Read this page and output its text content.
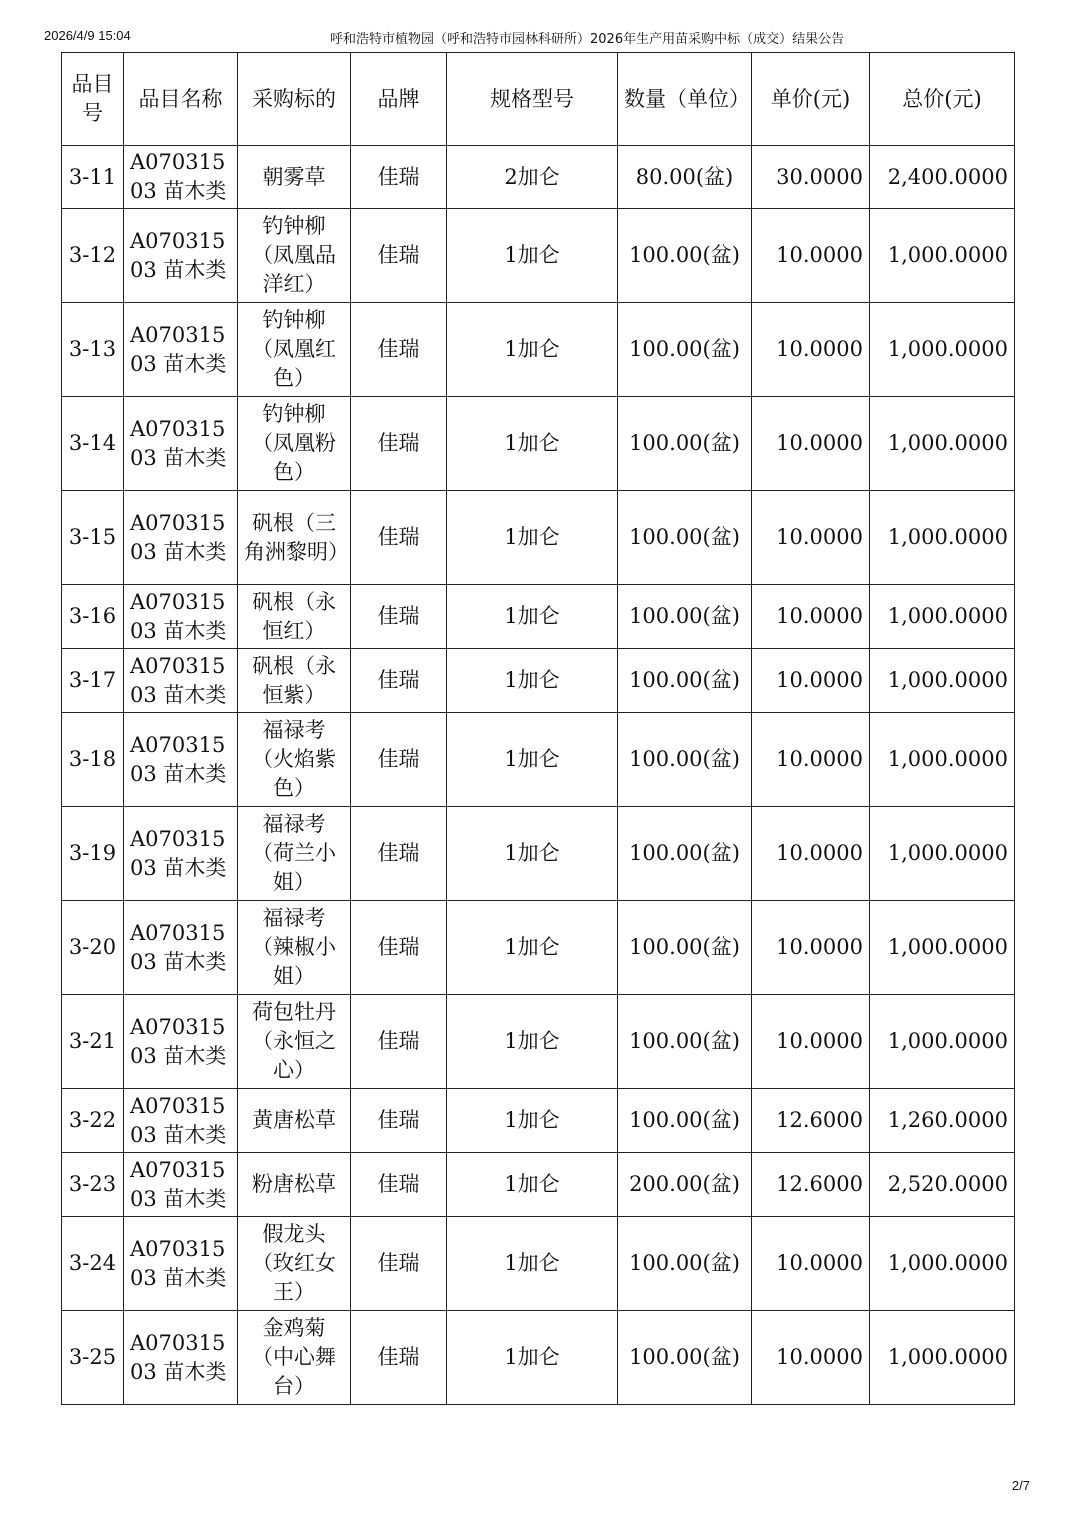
2026/4/9 15:04	呼和浩特市植物园（呼和浩特市园林科研所）2026年生产用苗采购中标（成交）结果公告
品目号	品目名称	采购标的	品牌	规格型号	数量（单位）	单价(元)	总价(元)
3-11	A07031503 苗木类	朝雾草	佳瑞	2加仑	80.00(盆)	30.0000	2,400.0000
3-12	A07031503 苗木类	钓钟柳（凤凰品洋红）	佳瑞	1加仑	100.00(盆)	10.0000	1,000.0000
3-13	A07031503 苗木类	钓钟柳（凤凰红色）	佳瑞	1加仑	100.00(盆)	10.0000	1,000.0000
3-14	A07031503 苗木类	钓钟柳（凤凰粉色）	佳瑞	1加仑	100.00(盆)	10.0000	1,000.0000
3-15	A07031503 苗木类	矾根（三角洲黎明）	佳瑞	1加仑	100.00(盆)	10.0000	1,000.0000
3-16	A07031503 苗木类	矾根（永恒红）	佳瑞	1加仑	100.00(盆)	10.0000	1,000.0000
3-17	A07031503 苗木类	矾根（永恒紫）	佳瑞	1加仑	100.00(盆)	10.0000	1,000.0000
3-18	A07031503 苗木类	福禄考（火焰紫色）	佳瑞	1加仑	100.00(盆)	10.0000	1,000.0000
3-19	A07031503 苗木类	福禄考（荷兰小姐）	佳瑞	1加仑	100.00(盆)	10.0000	1,000.0000
3-20	A07031503 苗木类	福禄考（辣椒小姐）	佳瑞	1加仑	100.00(盆)	10.0000	1,000.0000
3-21	A07031503 苗木类	荷包牡丹（永恒之心）	佳瑞	1加仑	100.00(盆)	10.0000	1,000.0000
3-22	A07031503 苗木类	黄唐松草	佳瑞	1加仑	100.00(盆)	12.6000	1,260.0000
3-23	A07031503 苗木类	粉唐松草	佳瑞	1加仑	200.00(盆)	12.6000	2,520.0000
3-24	A07031503 苗木类	假龙头（玫红女王）	佳瑞	1加仑	100.00(盆)	10.0000	1,000.0000
3-25	A07031503 苗木类	金鸡菊（中心舞台）	佳瑞	1加仑	100.00(盆)	10.0000	1,000.0000
2/7
